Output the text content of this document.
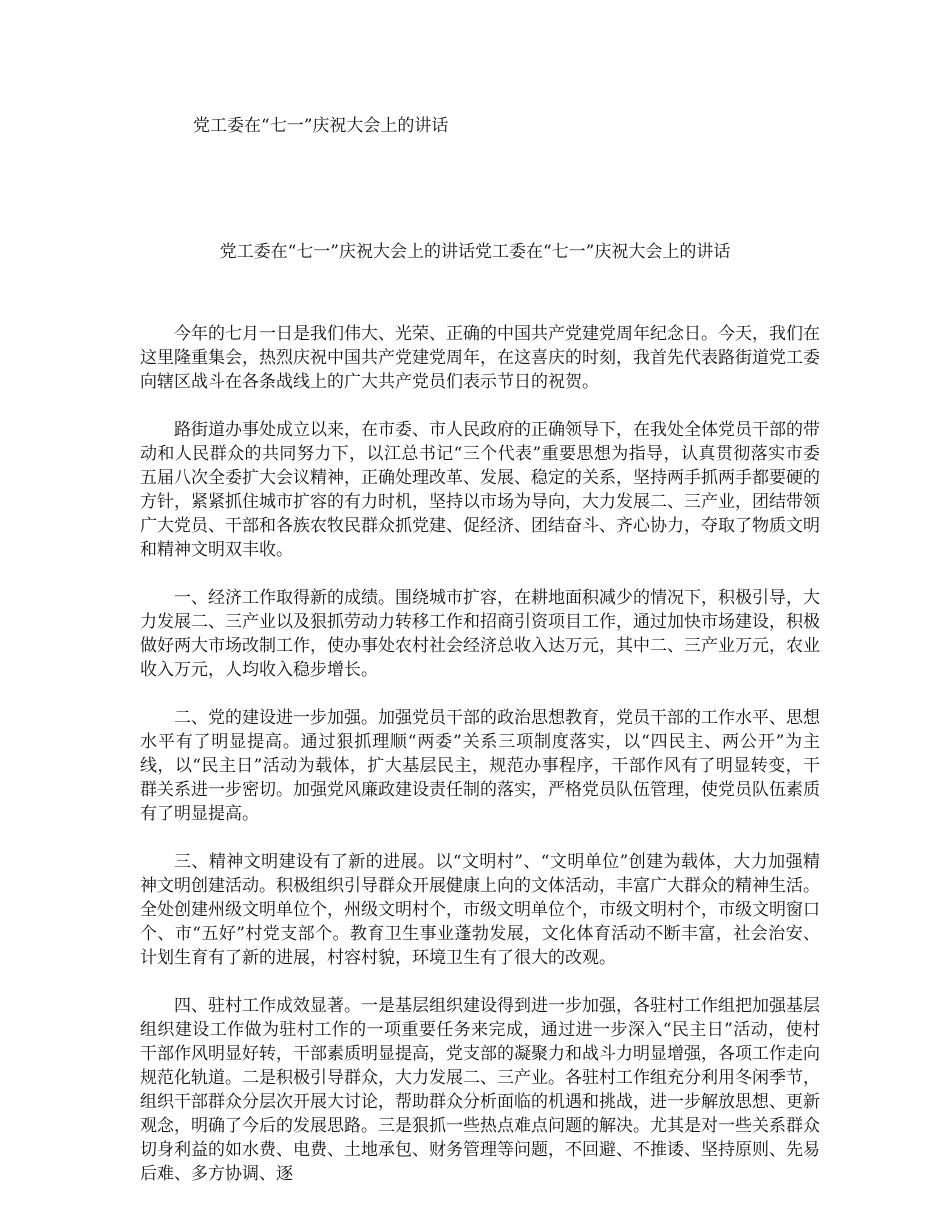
党工委在“七一”庆祝大会上的讲话
党工委在“七一”庆祝大会上的讲话党工委在“七一”庆祝大会上的讲话

今年的七月一日是我们伟大、光荣、正确的中国共产党建党周年纪念日。今天，我们在这里隆重集会，热烈庆祝中国共产党建党周年，在这喜庆的时刻，我首先代表路街道党工委向辖区战斗在各条战线上的广大共产党员们表示节日的祝贺。

路街道办事处成立以来，在市委、市人民政府的正确领导下，在我处全体党员干部的带动和人民群众的共同努力下，以江总书记“三个代表”重要思想为指导，认真贯彻落实市委五届八次全委扩大会议精神，正确处理改革、发展、稳定的关系，坚持两手抓两手都要硬的方针，紧紧抓住城市扩容的有力时机，坚持以市场为导向，大力发展二、三产业，团结带领广大党员、干部和各族农牧民群众抓党建、促经济、团结奋斗、齐心协力，夺取了物质文明和精神文明双丰收。

一、经济工作取得新的成绩。围绕城市扩容，在耕地面积减少的情况下，积极引导，大力发展二、三产业以及狠抓劳动力转移工作和招商引资项目工作，通过加快市场建设，积极做好两大市场改制工作，使办事处农村社会经济总收入达万元，其中二、三产业万元，农业收入万元，人均收入稳步增长。

二、党的建设进一步加强。加强党员干部的政治思想教育，党员干部的工作水平、思想水平有了明显提高。通过狠抓理顺“两委”关系三项制度落实，以“四民主、两公开”为主线，以“民主日”活动为载体，扩大基层民主，规范办事程序，干部作风有了明显转变，干群关系进一步密切。加强党风廉政建设责任制的落实，严格党员队伍管理，使党员队伍素质有了明显提高。

三、精神文明建设有了新的进展。以“文明村”、“文明单位”创建为载体，大力加强精神文明创建活动。积极组织引导群众开展健康上向的文体活动，丰富广大群众的精神生活。全处创建州级文明单位个，州级文明村个，市级文明单位个，市级文明村个，市级文明窗口个、市“五好”村党支部个。教育卫生事业蓬勃发展，文化体育活动不断丰富，社会治安、计划生育有了新的进展，村容村貌，环境卫生有了很大的改观。

四、驻村工作成效显著。一是基层组织建设得到进一步加强，各驻村工作组把加强基层组织建设工作做为驻村工作的一项重要任务来完成，通过进一步深入“民主日”活动，使村干部作风明显好转，干部素质明显提高，党支部的凝聚力和战斗力明显增强，各项工作走向规范化轨道。二是积极引导群众，大力发展二、三产业。各驻村工作组充分利用冬闲季节，组织干部群众分层次开展大讨论，帮助群众分析面临的机遇和挑战，进一步解放思想、更新观念，明确了今后的发展思路。三是狠抓一些热点难点问题的解决。尤其是对一些关系群众切身利益的如水费、电费、土地承包、财务管理等问题，不回避、不推诿、坚持原则、先易后难、多方协调、逐
